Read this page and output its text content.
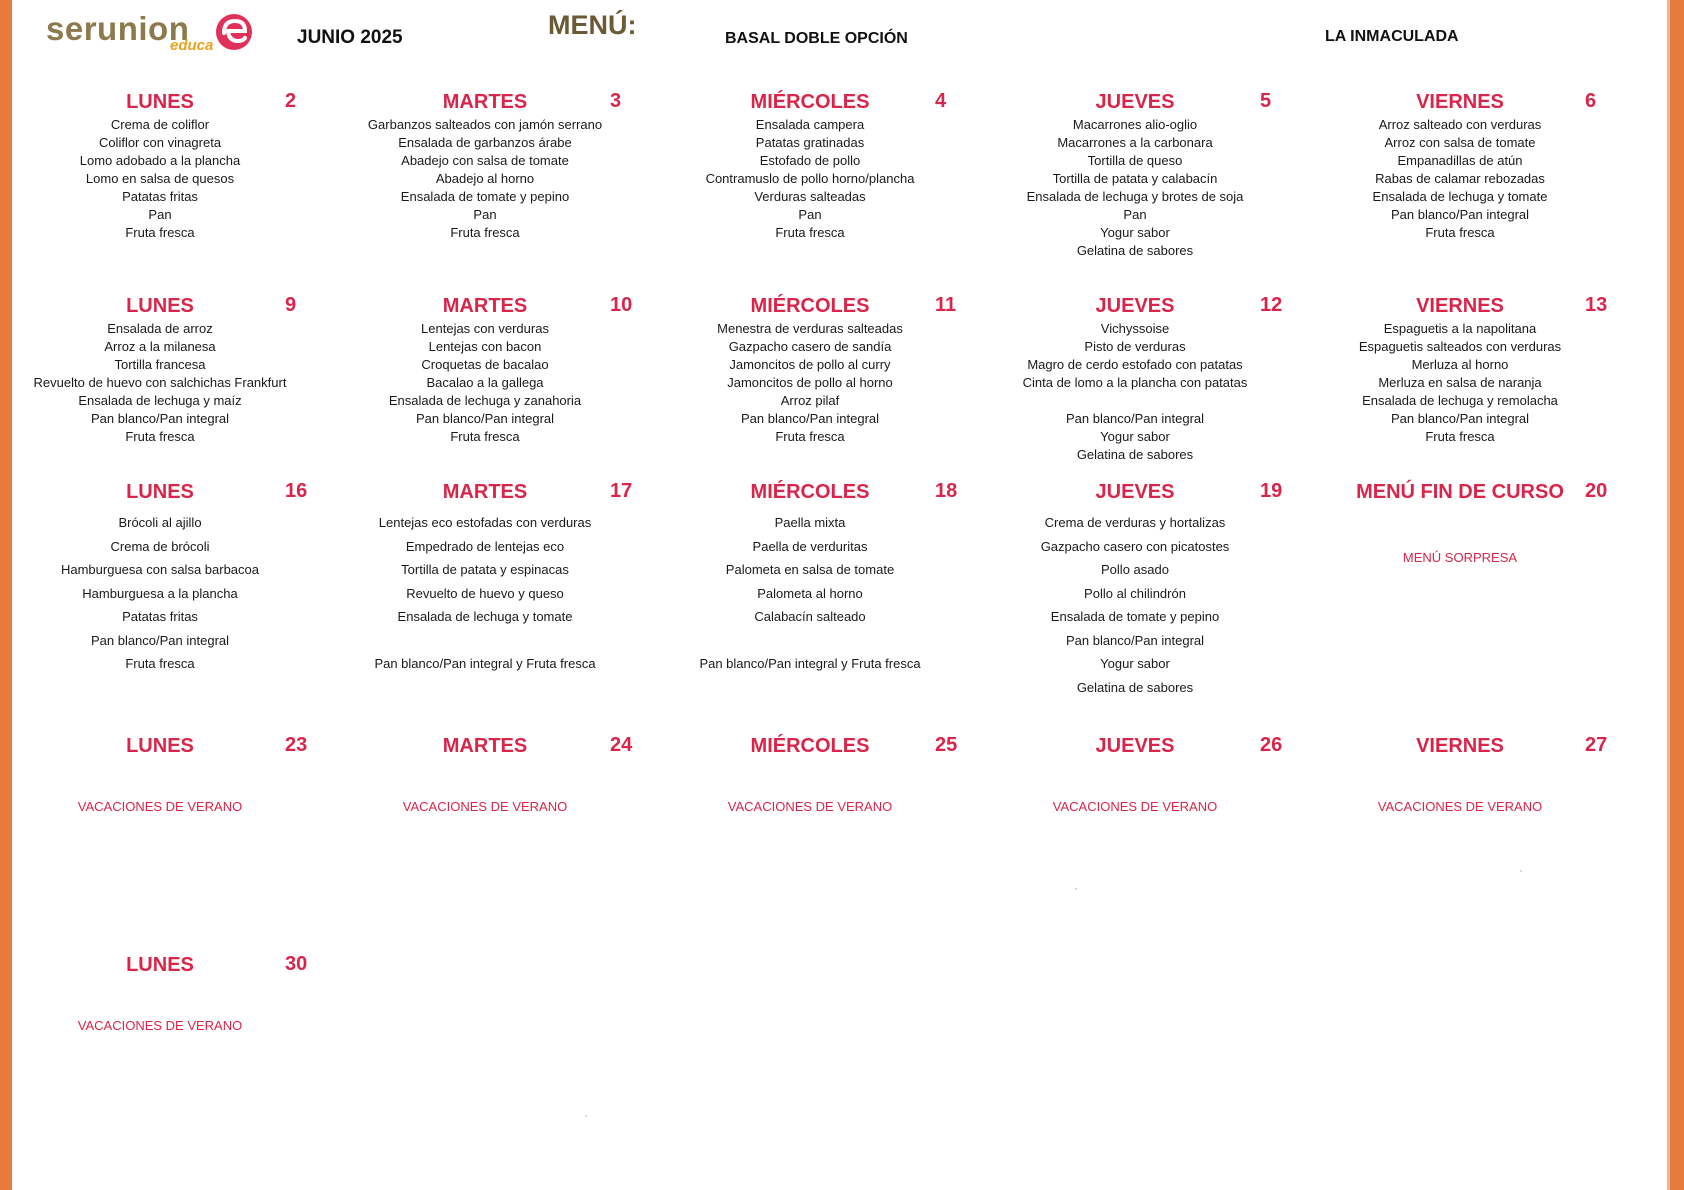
serunion
educa	JUNIO 2025	MENÚ:	BASAL DOBLE OPCIÓN	LA INMACULADA
LUNES	2
Crema de coliflor
Coliflor con vinagreta
Lomo adobado a la plancha
Lomo en salsa de quesos
Patatas fritas
Pan
Fruta fresca
MARTES	3
Garbanzos salteados con jamón serrano
Ensalada de garbanzos árabe
Abadejo con salsa de tomate
Abadejo al horno
Ensalada de tomate y pepino
Pan
Fruta fresca
MIÉRCOLES	4
Ensalada campera
Patatas gratinadas
Estofado de pollo
Contramuslo de pollo horno/plancha
Verduras salteadas
Pan
Fruta fresca
JUEVES	5
Macarrones alio-oglio
Macarrones a la carbonara
Tortilla de queso
Tortilla de patata y calabacín
Ensalada de lechuga y brotes de soja
Pan
Yogur sabor
Gelatina de sabores
VIERNES	6
Arroz salteado con verduras
Arroz con salsa de tomate
Empanadillas de atún
Rabas de calamar rebozadas
Ensalada de lechuga y tomate
Pan blanco/Pan integral
Fruta fresca
LUNES	9
Ensalada de arroz
Arroz a la milanesa
Tortilla francesa
Revuelto de huevo con salchichas Frankfurt
Ensalada de lechuga y maíz
Pan blanco/Pan integral
Fruta fresca
MARTES	10
Lentejas con verduras
Lentejas con bacon
Croquetas de bacalao
Bacalao a la gallega
Ensalada de lechuga y zanahoria
Pan blanco/Pan integral
Fruta fresca
MIÉRCOLES	11
Menestra de verduras salteadas
Gazpacho casero de sandía
Jamoncitos de pollo al curry
Jamoncitos de pollo al horno
Arroz pilaf
Pan blanco/Pan integral
Fruta fresca
JUEVES	12
Vichyssoise
Pisto de verduras
Magro de cerdo estofado con patatas
Cinta de lomo a la plancha con patatas
Pan blanco/Pan integral
Yogur sabor
Gelatina de sabores
VIERNES	13
Espaguetis a la napolitana
Espaguetis salteados con verduras
Merluza al horno
Merluza en salsa de naranja
Ensalada de lechuga y remolacha
Pan blanco/Pan integral
Fruta fresca
LUNES	16
Brócoli al ajillo
Crema de brócoli
Hamburguesa con salsa barbacoa
Hamburguesa a la plancha
Patatas fritas
Pan blanco/Pan integral
Fruta fresca
MARTES	17
Lentejas eco estofadas con verduras
Empedrado de lentejas eco
Tortilla de patata y espinacas
Revuelto de huevo y queso
Ensalada de lechuga y tomate
Pan blanco/Pan integral y Fruta fresca
MIÉRCOLES	18
Paella mixta
Paella de verduritas
Palometa en salsa de tomate
Palometa al horno
Calabacín salteado
Pan blanco/Pan integral y Fruta fresca
JUEVES	19
Crema de verduras y hortalizas
Gazpacho casero con picatostes
Pollo asado
Pollo al chilindrón
Ensalada de tomate y pepino
Pan blanco/Pan integral
Yogur sabor
Gelatina de sabores
MENÚ FIN DE CURSO	20
MENÚ SORPRESA
LUNES	23
VACACIONES DE VERANO
MARTES	24
VACACIONES DE VERANO
MIÉRCOLES	25
VACACIONES DE VERANO
JUEVES	26
VACACIONES DE VERANO
VIERNES	27
VACACIONES DE VERANO
LUNES	30
VACACIONES DE VERANO
